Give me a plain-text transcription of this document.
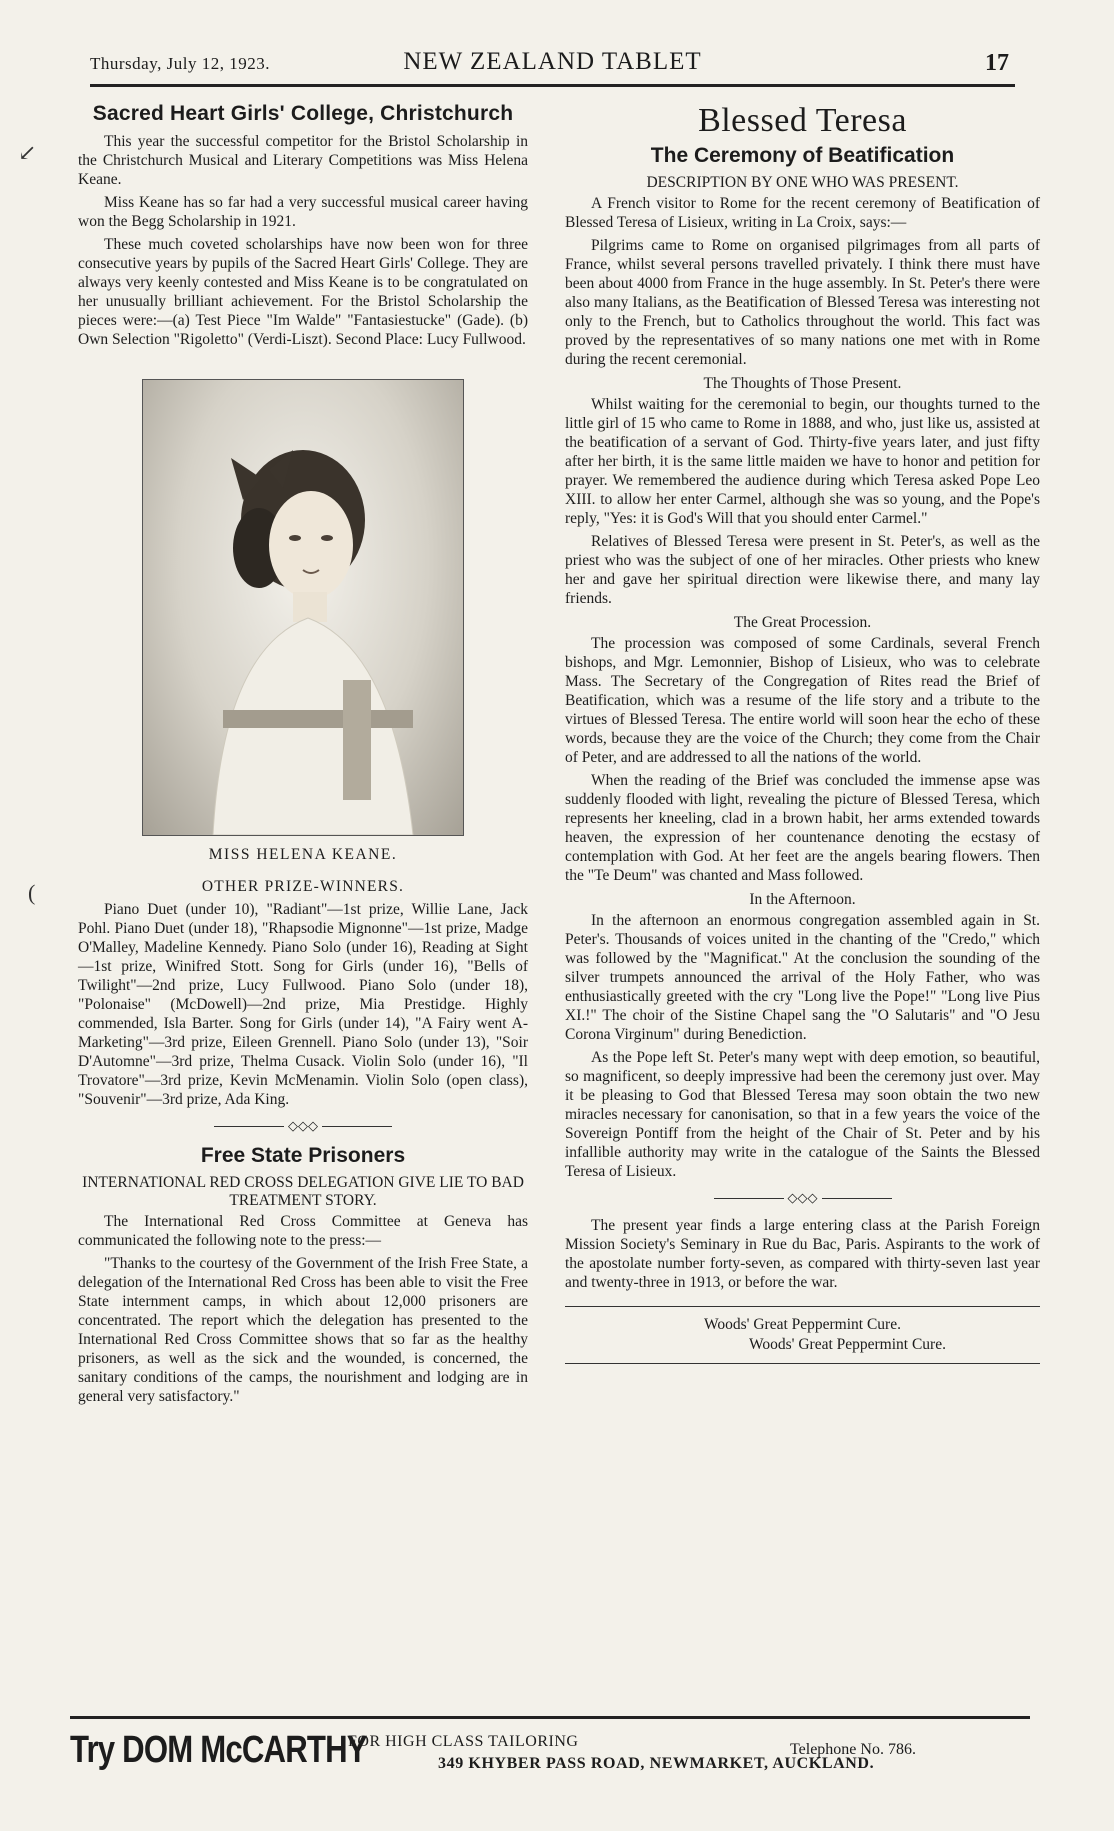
Thursday, July 12, 1923.	NEW ZEALAND TABLET	17
Sacred Heart Girls' College, Christchurch

This year the successful competitor for the Bristol Scholarship in the Christchurch Musical and Literary Competitions was Miss Helena Keane.

Miss Keane has so far had a very successful musical career having won the Begg Scholarship in 1921.

These much coveted scholarships have now been won for three consecutive years by pupils of the Sacred Heart Girls' College. They are always very keenly contested and Miss Keane is to be congratulated on her unusually brilliant achievement. For the Bristol Scholarship the pieces were:—(a) Test Piece "Im Walde" "Fantasiestucke" (Gade). (b) Own Selection "Rigoletto" (Verdi-Liszt). Second Place: Lucy Fullwood.

MISS HELENA KEANE.
OTHER PRIZE-WINNERS.

Piano Duet (under 10), "Radiant"—1st prize, Willie Lane, Jack Pohl. Piano Duet (under 18), "Rhapsodie Mignonne"—1st prize, Madge O'Malley, Madeline Kennedy. Piano Solo (under 16), Reading at Sight—1st prize, Winifred Stott. Song for Girls (under 16), "Bells of Twilight"—2nd prize, Lucy Fullwood. Piano Solo (under 18), "Polonaise" (McDowell)—2nd prize, Mia Prestidge. Highly commended, Isla Barter. Song for Girls (under 14), "A Fairy went A-Marketing"—3rd prize, Eileen Grennell. Piano Solo (under 13), "Soir D'Automne"—3rd prize, Thelma Cusack. Violin Solo (under 16), "Il Trovatore"—3rd prize, Kevin McMenamin. Violin Solo (open class), "Souvenir"—3rd prize, Ada King.

◇◇◇
Free State Prisoners
INTERNATIONAL RED CROSS DELEGATION GIVE LIE TO BAD TREATMENT STORY.

The International Red Cross Committee at Geneva has communicated the following note to the press:—

"Thanks to the courtesy of the Government of the Irish Free State, a delegation of the International Red Cross has been able to visit the Free State internment camps, in which about 12,000 prisoners are concentrated. The report which the delegation has presented to the International Red Cross Committee shows that so far as the healthy prisoners, as well as the sick and the wounded, is concerned, the sanitary conditions of the camps, the nourishment and lodging are in general very satisfactory."

Blessed Teresa
The Ceremony of Beatification
DESCRIPTION BY ONE WHO WAS PRESENT.

A French visitor to Rome for the recent ceremony of Beatification of Blessed Teresa of Lisieux, writing in La Croix, says:—

Pilgrims came to Rome on organised pilgrimages from all parts of France, whilst several persons travelled privately. I think there must have been about 4000 from France in the huge assembly. In St. Peter's there were also many Italians, as the Beatification of Blessed Teresa was interesting not only to the French, but to Catholics throughout the world. This fact was proved by the representatives of so many nations one met with in Rome during the recent ceremonial.

The Thoughts of Those Present.

Whilst waiting for the ceremonial to begin, our thoughts turned to the little girl of 15 who came to Rome in 1888, and who, just like us, assisted at the beatification of a servant of God. Thirty-five years later, and just fifty after her birth, it is the same little maiden we have to honor and petition for prayer. We remembered the audience during which Teresa asked Pope Leo XIII. to allow her enter Carmel, although she was so young, and the Pope's reply, "Yes: it is God's Will that you should enter Carmel."

Relatives of Blessed Teresa were present in St. Peter's, as well as the priest who was the subject of one of her miracles. Other priests who knew her and gave her spiritual direction were likewise there, and many lay friends.

The Great Procession.

The procession was composed of some Cardinals, several French bishops, and Mgr. Lemonnier, Bishop of Lisieux, who was to celebrate Mass. The Secretary of the Congregation of Rites read the Brief of Beatification, which was a resume of the life story and a tribute to the virtues of Blessed Teresa. The entire world will soon hear the echo of these words, because they are the voice of the Church; they come from the Chair of Peter, and are addressed to all the nations of the world.

When the reading of the Brief was concluded the immense apse was suddenly flooded with light, revealing the picture of Blessed Teresa, which represents her kneeling, clad in a brown habit, her arms extended towards heaven, the expression of her countenance denoting the ecstasy of contemplation with God. At her feet are the angels bearing flowers. Then the "Te Deum" was chanted and Mass followed.

In the Afternoon.

In the afternoon an enormous congregation assembled again in St. Peter's. Thousands of voices united in the chanting of the "Credo," which was followed by the "Magnificat." At the conclusion the sounding of the silver trumpets announced the arrival of the Holy Father, who was enthusiastically greeted with the cry "Long live the Pope!" "Long live Pius XI.!" The choir of the Sistine Chapel sang the "O Salutaris" and "O Jesu Corona Virginum" during Benediction.

As the Pope left St. Peter's many wept with deep emotion, so beautiful, so magnificent, so deeply impressive had been the ceremony just over. May it be pleasing to God that Blessed Teresa may soon obtain the two new miracles necessary for canonisation, so that in a few years the voice of the Sovereign Pontiff from the height of the Chair of St. Peter and by his infallible authority may write in the catalogue of the Saints the Blessed Teresa of Lisieux.

◇◇◇

The present year finds a large entering class at the Parish Foreign Mission Society's Seminary in Rue du Bac, Paris. Aspirants to the work of the apostolate number forty-seven, as compared with thirty-seven last year and twenty-three in 1913, or before the war.

Woods' Great Peppermint Cure.
Woods' Great Peppermint Cure.
Try DOM McCARTHY
FOR HIGH CLASS TAILORING
349 KHYBER PASS ROAD, NEWMARKET, AUCKLAND.
Telephone No. 786.
↙
(
